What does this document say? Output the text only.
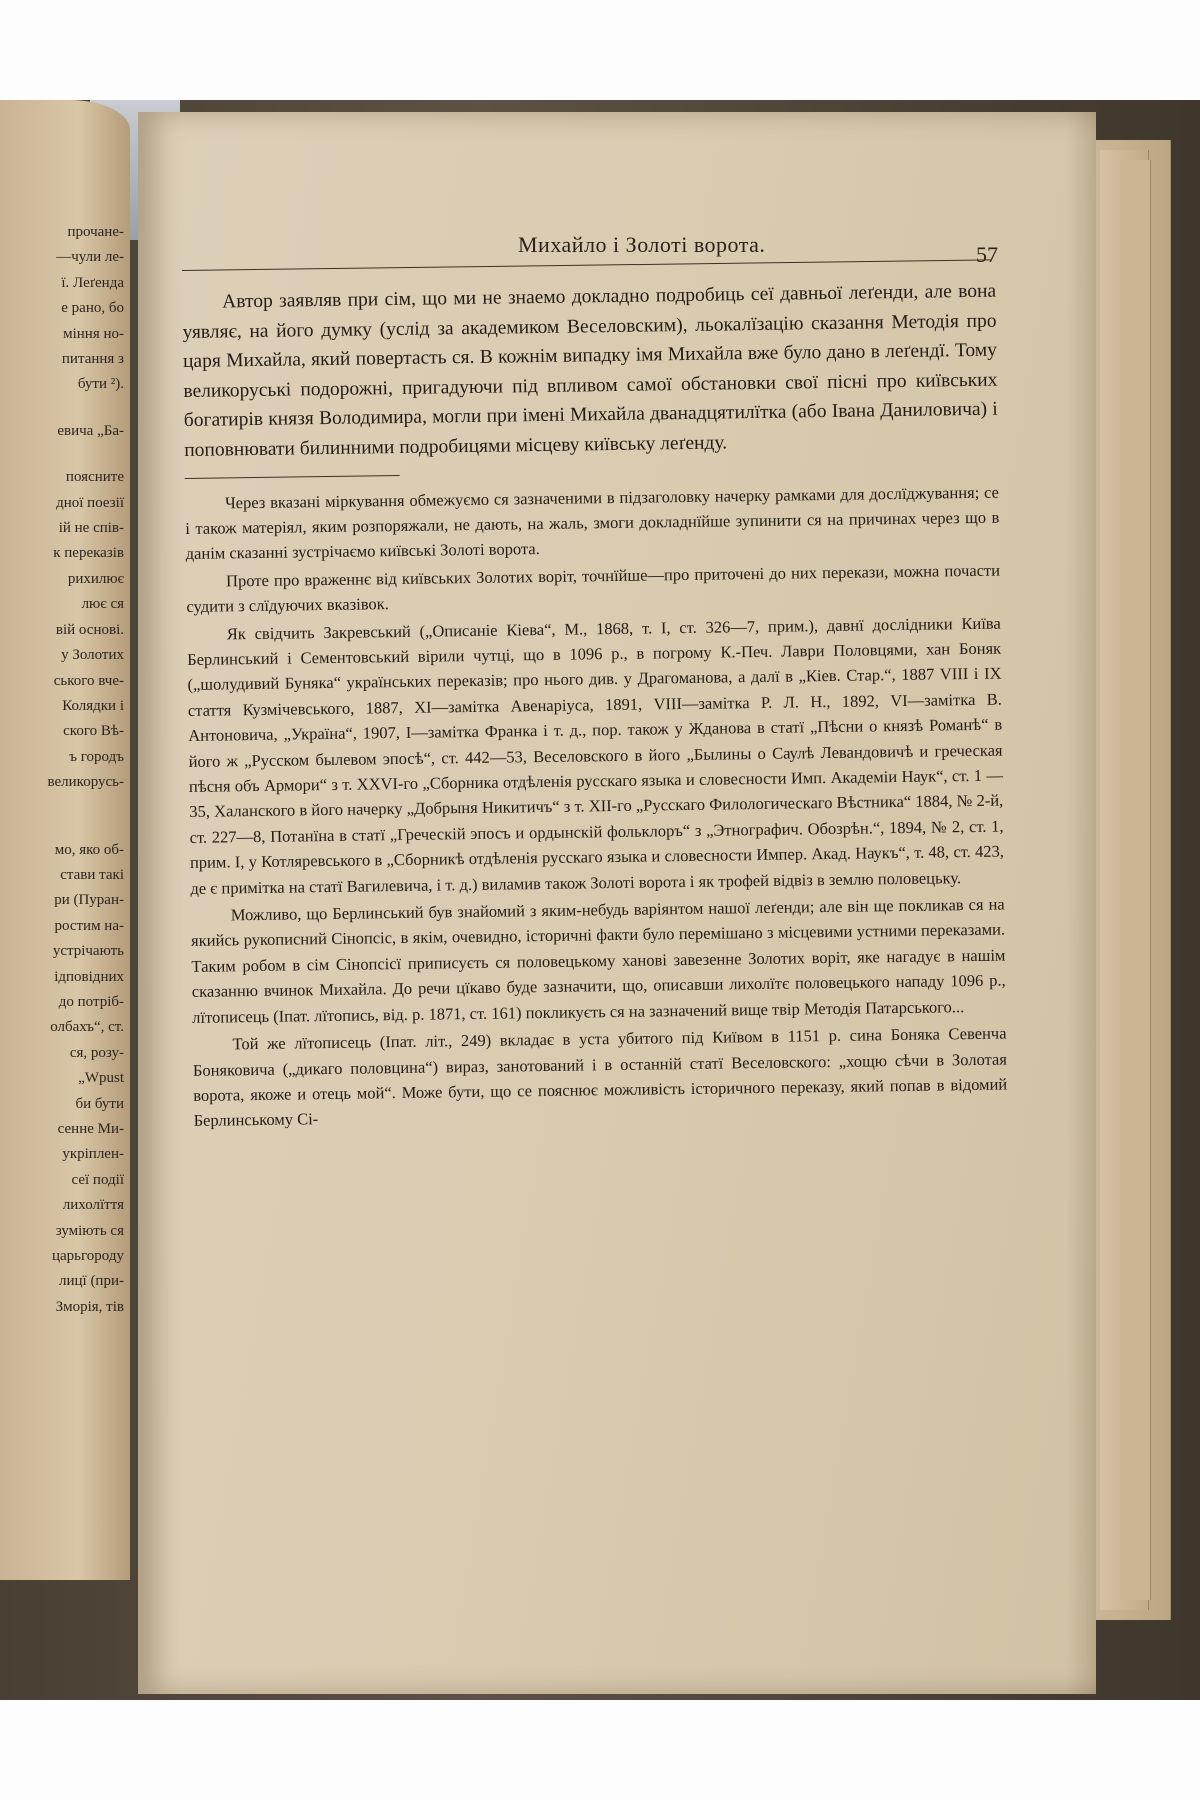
прочане-
—чули ле-
ї. Леґенда
е рано, бо
міння но-
питання з
бути ²).
евича „Ба-
поясните
дної поезії
ій не спів-
к переказів
рихилює
лює ся
вій основі.
у Золотих
ського вче-
Колядки і
ского Вѣ-
ъ городъ
великорусь-
мо, яко об-
стави такі
ри (Пуран-
ростим на-
устрічають
ідповідних
до потріб-
олбахъ“, ст.
ся, розу-
„Wpust
би бути
сенне Ми-
укріплен-
сеї події
лихолїття
зуміють ся
царьгороду
лицї (при-
Зморія, тів
Михайло і Золоті ворота.	57
Автор заявляв при сім, що ми не знаемо докладно подробиць сеї давньої леґенди, але вона уявляє, на його думку (услід за академиком Веселовским), льокалїзацію сказання Методія про царя Михайла, який повертасть ся. В кожнім випадку імя Михайла вже було дано в леґендї. Тому великоруські подорожні, пригадуючи під впливом самої обстановки свої пісні про київських богатирів князя Володимира, могли при імені Михайла дванадцятилїтка (або Івана Даниловича) і поповнювати билинними подробицями місцеву київську леґенду.

Через вказані міркування обмежуємо ся зазначеними в підзаголовку начерку рамками для дослїджування; се і також матеріял, яким розпоряжали, не дають, на жаль, змоги докладнїйше зупинити ся на причинах через що в данім сказанні зустрічаємо київські Золоті ворота.

Проте про враженнє від київських Золотих воріт, точнїйше—про приточені до них перекази, можна почасти судити з слїдуючих вказівок.

Як свідчить Закревський („Описаніе Кіева“, М., 1868, т. I, ст. 326—7, прим.), давнї дослідники Київа Берлинський і Сементовський вірили чутці, що в 1096 р., в погрому К.-Печ. Лаври Половцями, хан Боняк („шолудивий Буняка“ українських переказів; про нього див. у Драгоманова, а далї в „Кіев. Стар.“, 1887 VIII і IX стаття Кузмічевського, 1887, XI—замітка Авенаріуса, 1891, VIII—замітка Р. Л. Н., 1892, VI—замітка В. Антоновича, „Україна“, 1907, I—замітка Франка і т. д., пор. також у Жданова в статї „Пѣсни о князѣ Романѣ“ в його ж „Русском былевом эпосѣ“, ст. 442—53, Веселовского в його „Былины о Саулѣ Левандовичѣ и греческая пѣсня объ Армори“ з т. XXVI-го „Сборника отдѣленія русскаго языка и словесности Имп. Академіи Наук“, ст. 1 — 35, Халанского в його начерку „Добрыня Никитичъ“ з т. XII-го „Русскаго Филологическаго Вѣстника“ 1884, № 2-й, ст. 227—8, Потанїна в статї „Греческій эпосъ и ордынскій фольклоръ“ з „Этнографич. Обозрѣн.“, 1894, № 2, ст. 1, прим. I, у Котляревського в „Сборникѣ отдѣленія русскаго языка и словесности Импер. Акад. Наукъ“, т. 48, ст. 423, де є примітка на статї Вагилевича, і т. д.) виламив також Золоті ворота і як трофей відвіз в землю половецьку.

Можливо, що Берлинський був знайомий з яким-небудь варіянтом нашої леґенди; але він ще покликав ся на якийсь рукописний Сінопсіс, в якім, очевидно, історичні факти було перемішано з місцевими устними переказами. Таким робом в сім Сінопсісї приписуєть ся половецькому ханові завезенне Золотих воріт, яке нагадує в нашім сказанню вчинок Михайла. До речи цїкаво буде зазначити, що, описавши лихолїтє половецького нападу 1096 р., лїтописець (Іпат. лїтопись, від. р. 1871, ст. 161) покликуєть ся на зазначений вище твір Методія Патарського...

Той же лїтописець (Іпат. літ., 249) вкладає в уста убитого під Київом в 1151 р. сина Боняка Севенча Боняковича („дикаго половцина“) вираз, занотований і в останній статї Веселовского: „хощю сѣчи в Золотая ворота, якоже и отець мой“. Може бути, що се пояснює можливість історичного переказу, який попав в відомий Берлинському Сі-
